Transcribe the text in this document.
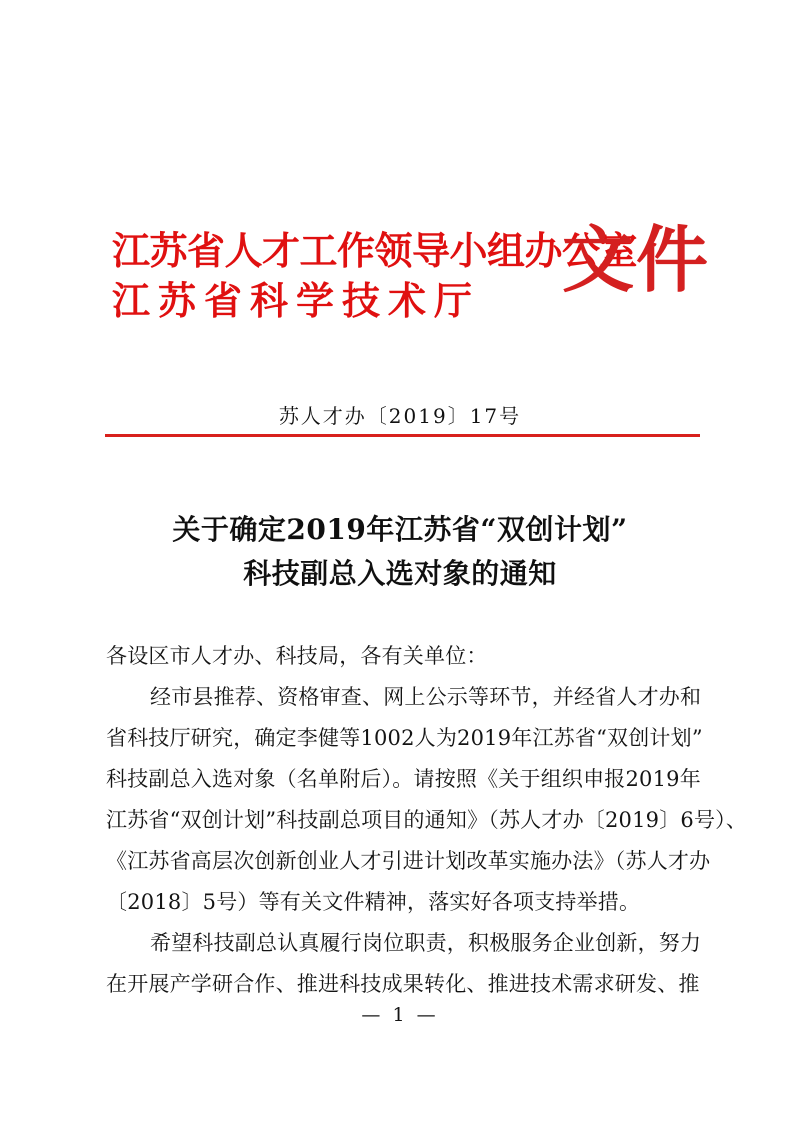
江苏省人才工作领导小组办公室
江苏省科学技术厅	文件
苏人才办〔2019〕17号
关于确定2019年江苏省“双创计划”
科技副总入选对象的通知
各设区市人才办、科技局，各有关单位：
经市县推荐、资格审查、网上公示等环节，并经省人才办和
省科技厅研究，确定李健等1002人为2019年江苏省“双创计划”
科技副总入选对象（名单附后）。请按照《关于组织申报2019年
江苏省“双创计划”科技副总项目的通知》（苏人才办〔2019〕6号）、
《江苏省高层次创新创业人才引进计划改革实施办法》（苏人才办
〔2018〕5号）等有关文件精神，落实好各项支持举措。
希望科技副总认真履行岗位职责，积极服务企业创新，努力
在开展产学研合作、推进科技成果转化、推进技术需求研发、推
— 1 —
